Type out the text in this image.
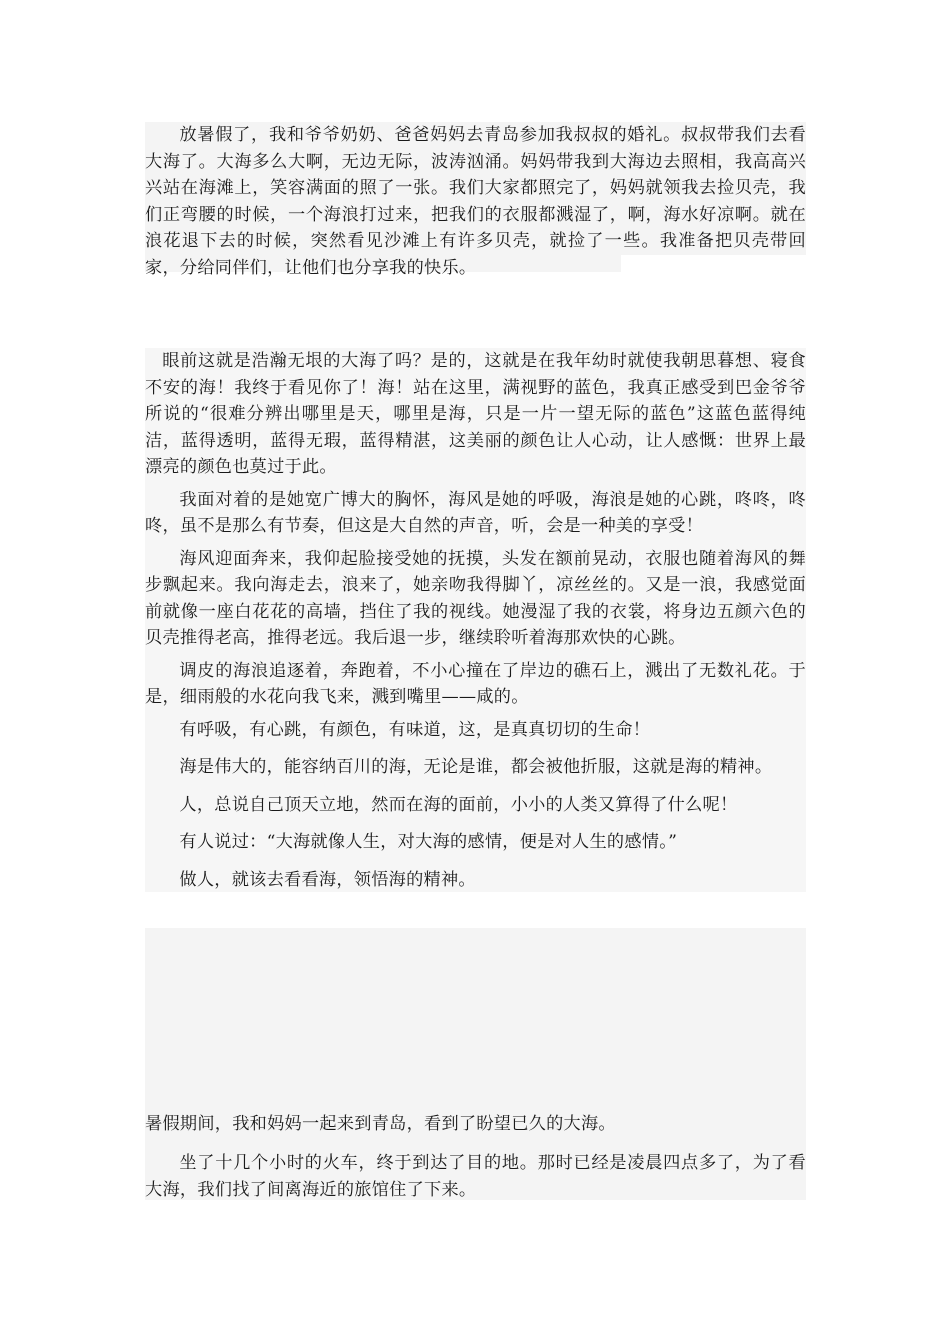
放暑假了，我和爷爷奶奶、爸爸妈妈去青岛参加我叔叔的婚礼。叔叔带我们去看大海了。大海多么大啊，无边无际，波涛汹涌。妈妈带我到大海边去照相，我高高兴兴站在海滩上，笑容满面的照了一张。我们大家都照完了，妈妈就领我去捡贝壳，我们正弯腰的时候，一个海浪打过来，把我们的衣服都溅湿了，啊，海水好凉啊。就在浪花退下去的时候，突然看见沙滩上有许多贝壳，就捡了一些。我准备把贝壳带回家，分给同伴们，让他们也分享我的快乐。

眼前这就是浩瀚无垠的大海了吗？是的，这就是在我年幼时就使我朝思暮想、寝食不安的海！我终于看见你了！海！站在这里，满视野的蓝色，我真正感受到巴金爷爷所说的“很难分辨出哪里是天，哪里是海，只是一片一望无际的蓝色”这蓝色蓝得纯洁，蓝得透明，蓝得无瑕，蓝得精湛，这美丽的颜色让人心动，让人感慨：世界上最漂亮的颜色也莫过于此。

我面对着的是她宽广博大的胸怀，海风是她的呼吸，海浪是她的心跳，咚咚，咚咚，虽不是那么有节奏，但这是大自然的声音，听，会是一种美的享受！

海风迎面奔来，我仰起脸接受她的抚摸，头发在额前晃动，衣服也随着海风的舞步飘起来。我向海走去，浪来了，她亲吻我得脚丫，凉丝丝的。又是一浪，我感觉面前就像一座白花花的高墙，挡住了我的视线。她漫湿了我的衣裳，将身边五颜六色的贝壳推得老高，推得老远。我后退一步，继续聆听着海那欢快的心跳。

调皮的海浪追逐着，奔跑着，不小心撞在了岸边的礁石上，溅出了无数礼花。于是，细雨般的水花向我飞来，溅到嘴里——咸的。

有呼吸，有心跳，有颜色，有味道，这，是真真切切的生命！

海是伟大的，能容纳百川的海，无论是谁，都会被他折服，这就是海的精神。

人，总说自己顶天立地，然而在海的面前，小小的人类又算得了什么呢！

有人说过：“大海就像人生，对大海的感情，便是对人生的感情。”

做人，就该去看看海，领悟海的精神。

暑假期间，我和妈妈一起来到青岛，看到了盼望已久的大海。

坐了十几个小时的火车，终于到达了目的地。那时已经是凌晨四点多了，为了看大海，我们找了间离海近的旅馆住了下来。
